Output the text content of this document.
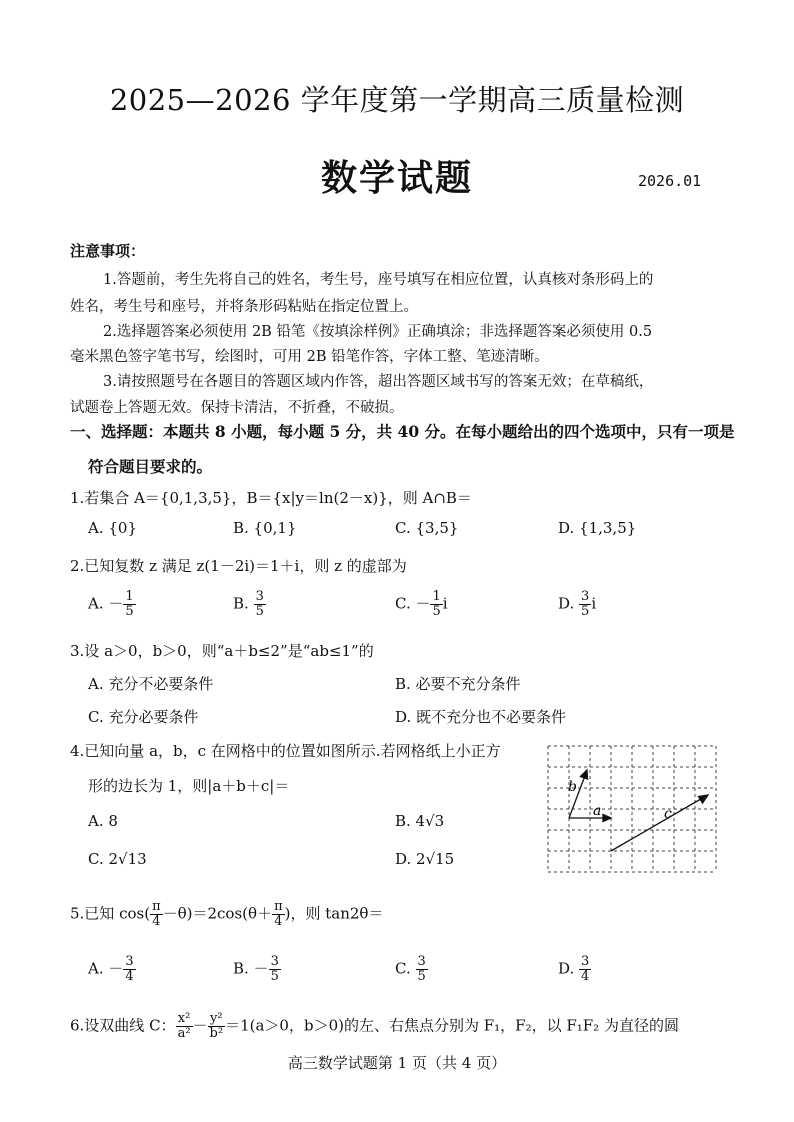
2025—2026 学年度第一学期高三质量检测
数学试题	2026.01
注意事项：
1.答题前，考生先将自己的姓名，考生号，座号填写在相应位置，认真核对条形码上的
姓名，考生号和座号，并将条形码粘贴在指定位置上。
2.选择题答案必须使用 2B 铅笔《按填涂样例》正确填涂；非选择题答案必须使用 0.5
毫米黑色签字笔书写，绘图时，可用 2B 铅笔作答，字体工整、笔迹清晰。
3.请按照题号在各题目的答题区域内作答，超出答题区域书写的答案无效；在草稿纸，
试题卷上答题无效。保持卡清洁，不折叠，不破损。
一、选择题：本题共 8 小题，每小题 5 分，共 40 分。在每小题给出的四个选项中，只有一项是
符合题目要求的。
1.若集合 A＝{0,1,3,5}，B＝{x|y＝ln(2－x)}，则 A∩B＝
A. {0}	B. {0,1}	C. {3,5}	D. {1,3,5}
2.已知复数 z 满足 z(1－2i)＝1＋i，则 z 的虚部为
A. － $\frac{1}{5}$	B. $\frac{3}{5}$	C. － $\frac{1}{5}$ i	D. $\frac{3}{5}$ i
3.设 a＞0，b＞0，则“a＋b≤2”是“ab≤1”的
A. 充分不必要条件	B. 必要不充分条件
C. 充分必要条件	D. 既不充分也不必要条件
4.已知向量 a，b，c 在网格中的位置如图所示.若网格纸上小正方
形的边长为 1，则|a＋b＋c|＝
A. 8	B. 4√3
C. 2√13	D. 2√15
a
b
c
5.已知 $\cos( \frac{\pi}{4} -\theta)=2\cos(\theta+ \frac{\pi}{4}$ )，则 tan2θ＝
A. － $\frac{3}{4}$	B. － $\frac{3}{5}$	C. $\frac{3}{5}$	D. $\frac{3}{4}$
6.设双曲线 C： $\frac{\text{x²}}{\text{a²}} - \frac{\text{y²}}{\text{b²}} =1(a>0$，b＞0)的左、右焦点分别为 F₁，F₂，以 F₁F₂ 为直径的圆
高三数学试题第 1 页（共 4 页）
